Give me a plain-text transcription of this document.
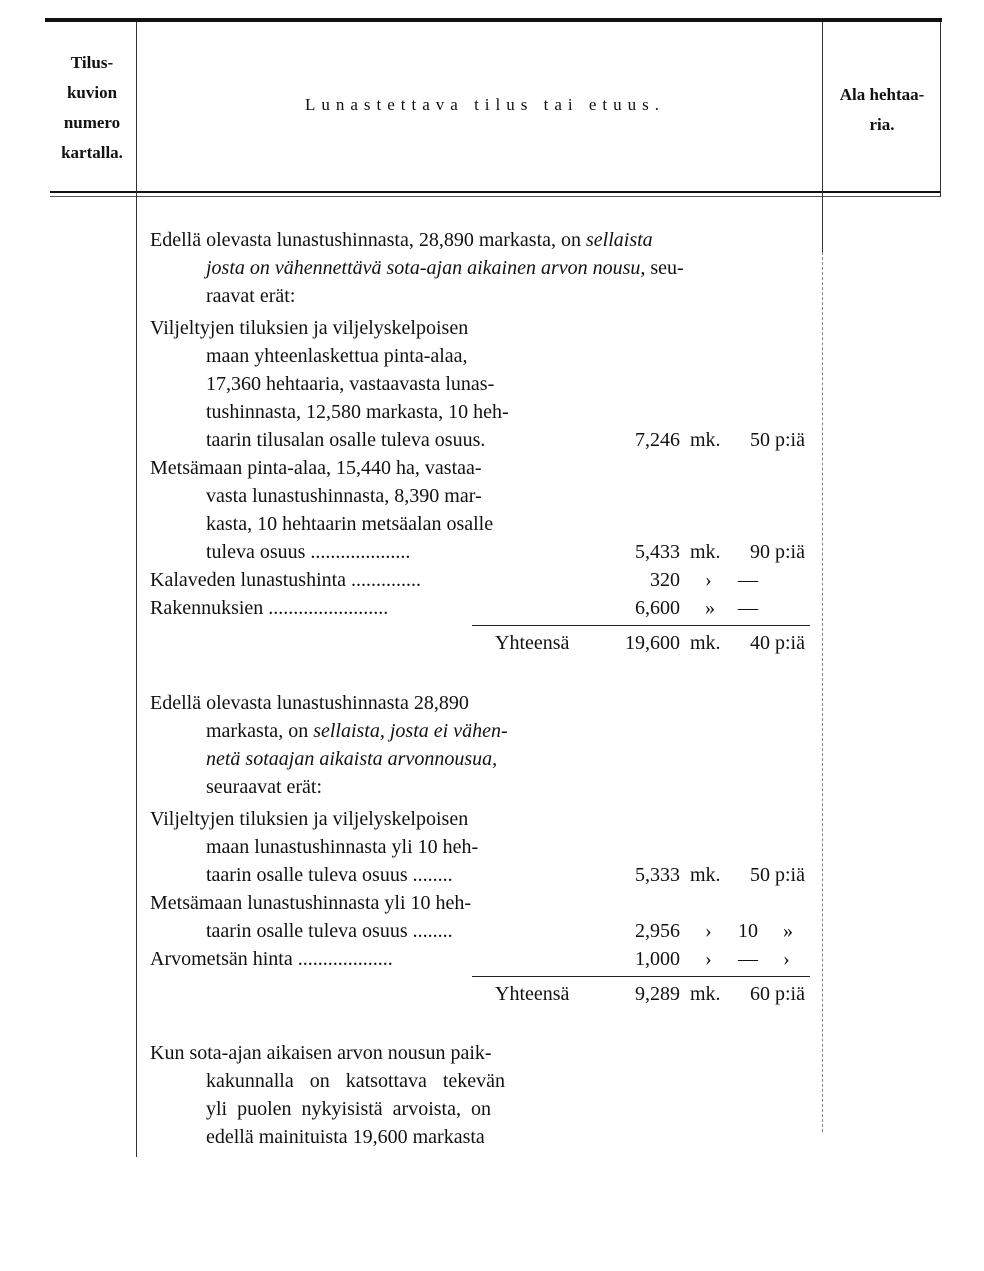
Tilus-
kuvion
numero
kartalla.
Lunastettava tilus tai etuus.
Ala hehtaa-
ria.
Edellä olevasta lunastushinnasta, 28,890 markasta, on sellaista
josta on vähennettävä sota-ajan aikainen arvon nousu, seu-
raavat erät:
Viljeltyjen tiluksien ja viljelyskelpoisen
maan yhteenlaskettua pinta-alaa,
17,360 hehtaaria, vastaavasta lunas-
tushinnasta, 12,580 markasta, 10 heh-
taarin tilusalan osalle tuleva osuus.
Metsämaan pinta-alaa, 15,440 ha, vastaa-
vasta lunastushinnasta, 8,390 mar-
kasta, 10 hehtaarin metsäalan osalle
tuleva osuus ....................
Kalaveden lunastushinta ..............
Rakennuksien ........................
7,246 mk. 50 p:iä
5,433 mk. 90 p:iä
320 › —
6,600 » —
Yhteensä	19,600 mk. 40 p:iä
Edellä olevasta lunastushinnasta 28,890
markasta, on sellaista, josta ei vähen-
netä sotaajan aikaista arvonnousua,
seuraavat erät:
Viljeltyjen tiluksien ja viljelyskelpoisen
maan lunastushinnasta yli 10 heh-
taarin osalle tuleva osuus ........
Metsämaan lunastushinnasta yli 10 heh-
taarin osalle tuleva osuus ........
Arvometsän hinta ...................
5,333 mk. 50 p:iä
2,956 › 10 »
1,000 › — ›
Yhteensä	9,289 mk. 60 p:iä
Kun sota-ajan aikaisen arvon nousun paik-
kakunnalla on katsottava tekevän
yli puolen nykyisistä arvoista, on
edellä mainituista 19,600 markasta
